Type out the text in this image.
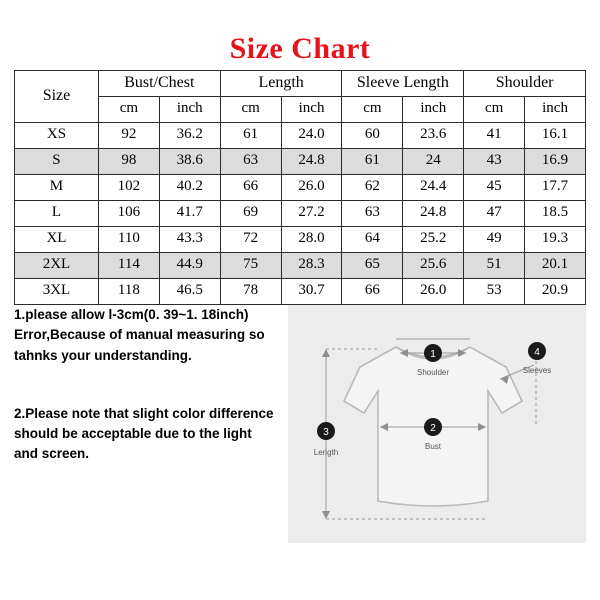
Size Chart
Size	Bust/Chest		Length		Sleeve Length		Shoulder	
	cm	inch	cm	inch	cm	inch	cm	inch
XS	92	36.2	61	24.0	60	23.6	41	16.1
S	98	38.6	63	24.8	61	24	43	16.9
M	102	40.2	66	26.0	62	24.4	45	17.7
L	106	41.7	69	27.2	63	24.8	47	18.5
XL	110	43.3	72	28.0	64	25.2	49	19.3
2XL	114	44.9	75	28.3	65	25.6	51	20.1
3XL	118	46.5	78	30.7	66	26.0	53	20.9

1.please allow l-3cm(0. 39~1. 18inch) Error,Because of manual measuring so tahnks your understanding.

2.Please note that slight color difference should be acceptable due to the light and screen.

1
Shoulder
2
Bust
3
Length
4
Sleeves
